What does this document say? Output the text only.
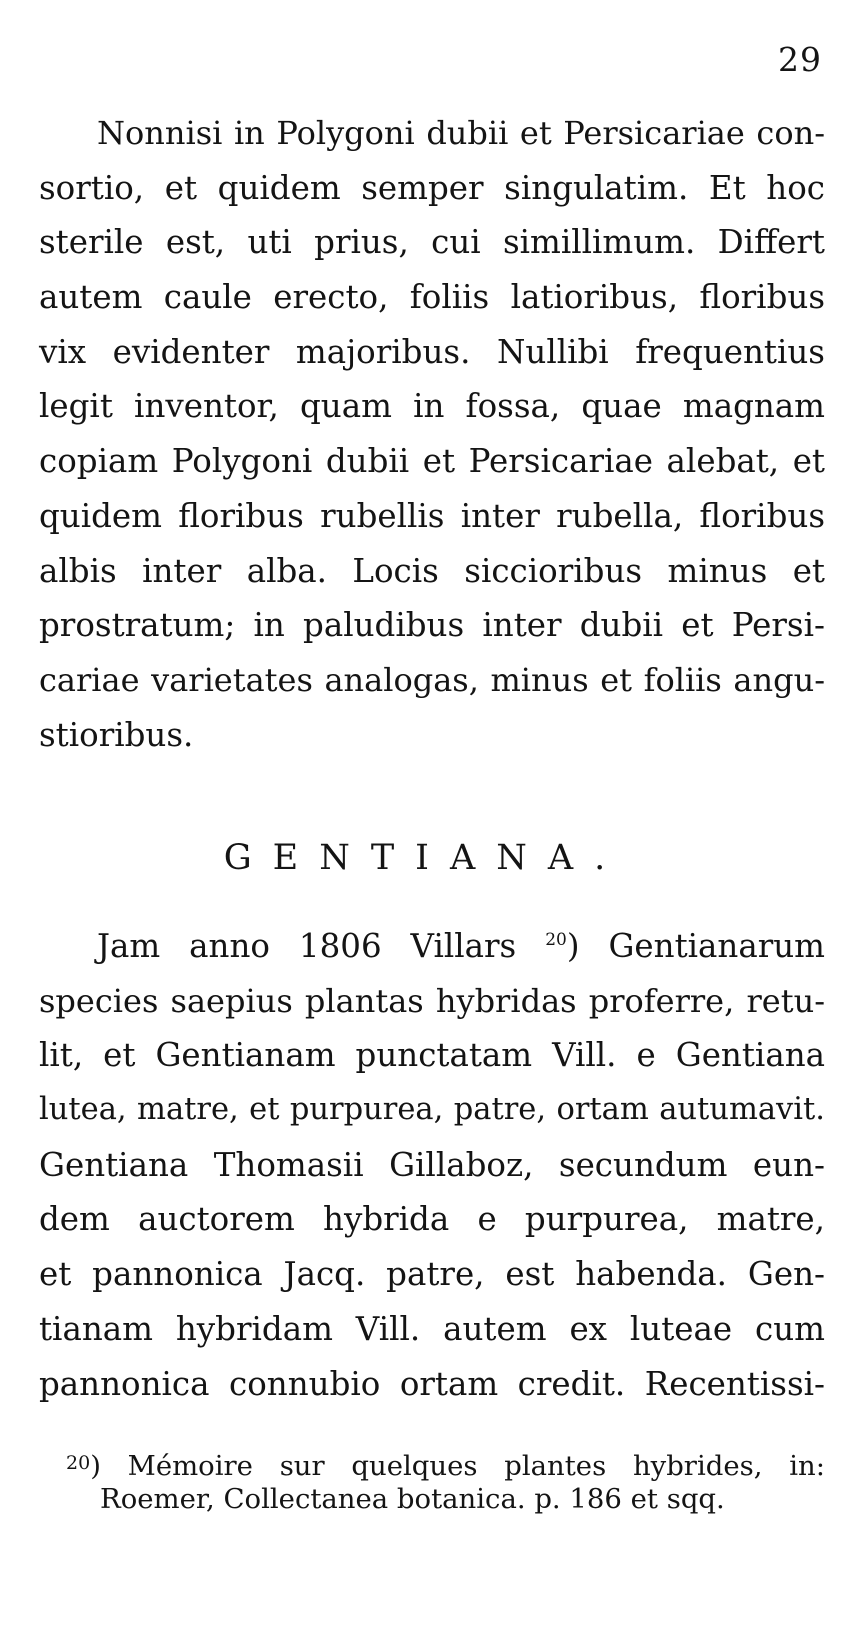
29
Nonnisi in Polygoni dubii et Persicariae con-
sortio, et quidem semper singulatim. Et hoc
sterile est, uti prius, cui simillimum. Differt
autem caule erecto, foliis latioribus, floribus
vix evidenter majoribus. Nullibi frequentius
legit inventor, quam in fossa, quae magnam
copiam Polygoni dubii et Persicariae alebat, et
quidem floribus rubellis inter rubella, floribus
albis inter alba. Locis siccioribus minus et
prostratum; in paludibus inter dubii et Persi-
cariae varietates analogas, minus et foliis angu-
stioribus.
GENTIANA.
Jam anno 1806 Villars $^{20}$) Gentianarum
species saepius plantas hybridas proferre, retu-
lit, et Gentianam punctatam Vill. e Gentiana
lutea, matre, et purpurea, patre, ortam autumavit.
Gentiana Thomasii Gillaboz, secundum eun-
dem auctorem hybrida e purpurea, matre,
et pannonica Jacq. patre, est habenda. Gen-
tianam hybridam Vill. autem ex luteae cum
pannonica connubio ortam credit. Recentissi-
$^{20}$) Mémoire sur quelques plantes hybrides, in:
Roemer, Collectanea botanica. p. 186 et sqq.
